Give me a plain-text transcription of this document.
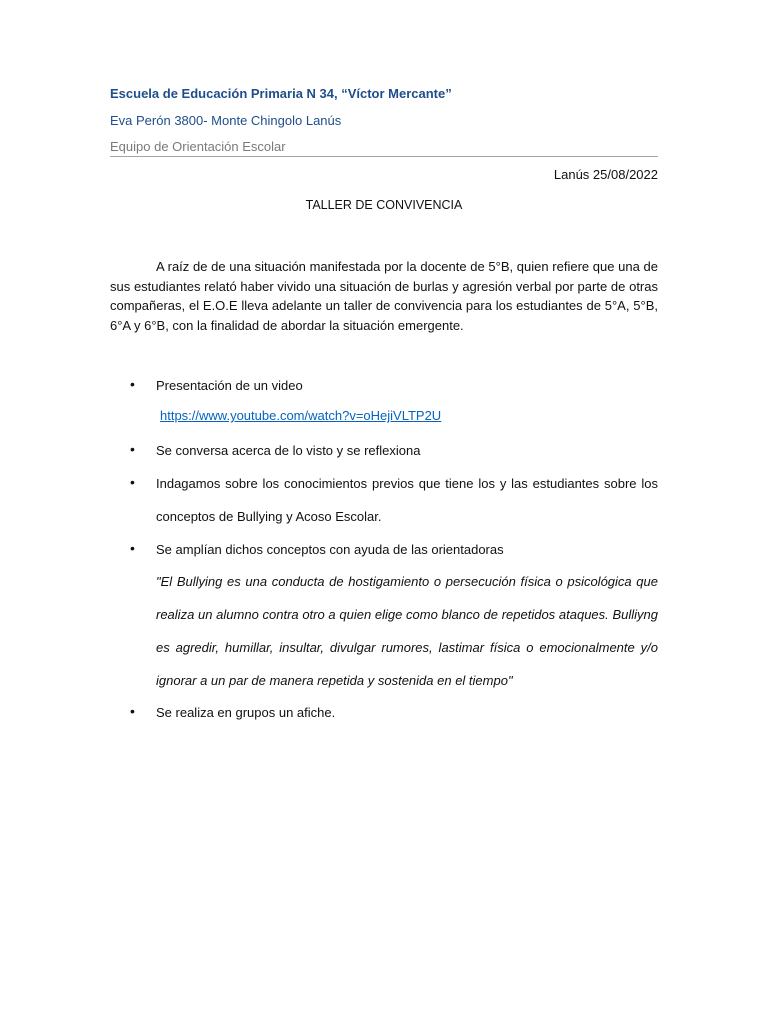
Escuela de Educación Primaria N 34, “Víctor Mercante”
Eva Perón 3800- Monte Chingolo Lanús
Equipo de Orientación Escolar
Lanús 25/08/2022
TALLER DE CONVIVENCIA

A raíz de de una situación manifestada por la docente de 5°B, quien refiere que una de sus estudiantes relató haber vivido una situación de burlas y agresión verbal por parte de otras compañeras, el E.O.E lleva adelante un taller de convivencia para los estudiantes de 5°A, 5°B, 6°A y 6°B, con la finalidad de abordar la situación emergente.

• Presentación de un video

https://www.youtube.com/watch?v=oHejiVLTP2U
• Se conversa acerca de lo visto y se reflexiona

• Indagamos sobre los conocimientos previos que tiene los y las estudiantes sobre los conceptos de Bullying y Acoso Escolar.

• Se amplían dichos conceptos con ayuda de las orientadoras

"El Bullying es una conducta de hostigamiento o persecución física o psicológica que realiza un alumno contra otro a quien elige como blanco de repetidos ataques. Bulliyng es agredir, humillar, insultar, divulgar rumores, lastimar física o emocionalmente y/o ignorar a un par de manera repetida y sostenida en el tiempo"

• Se realiza en grupos un afiche.
